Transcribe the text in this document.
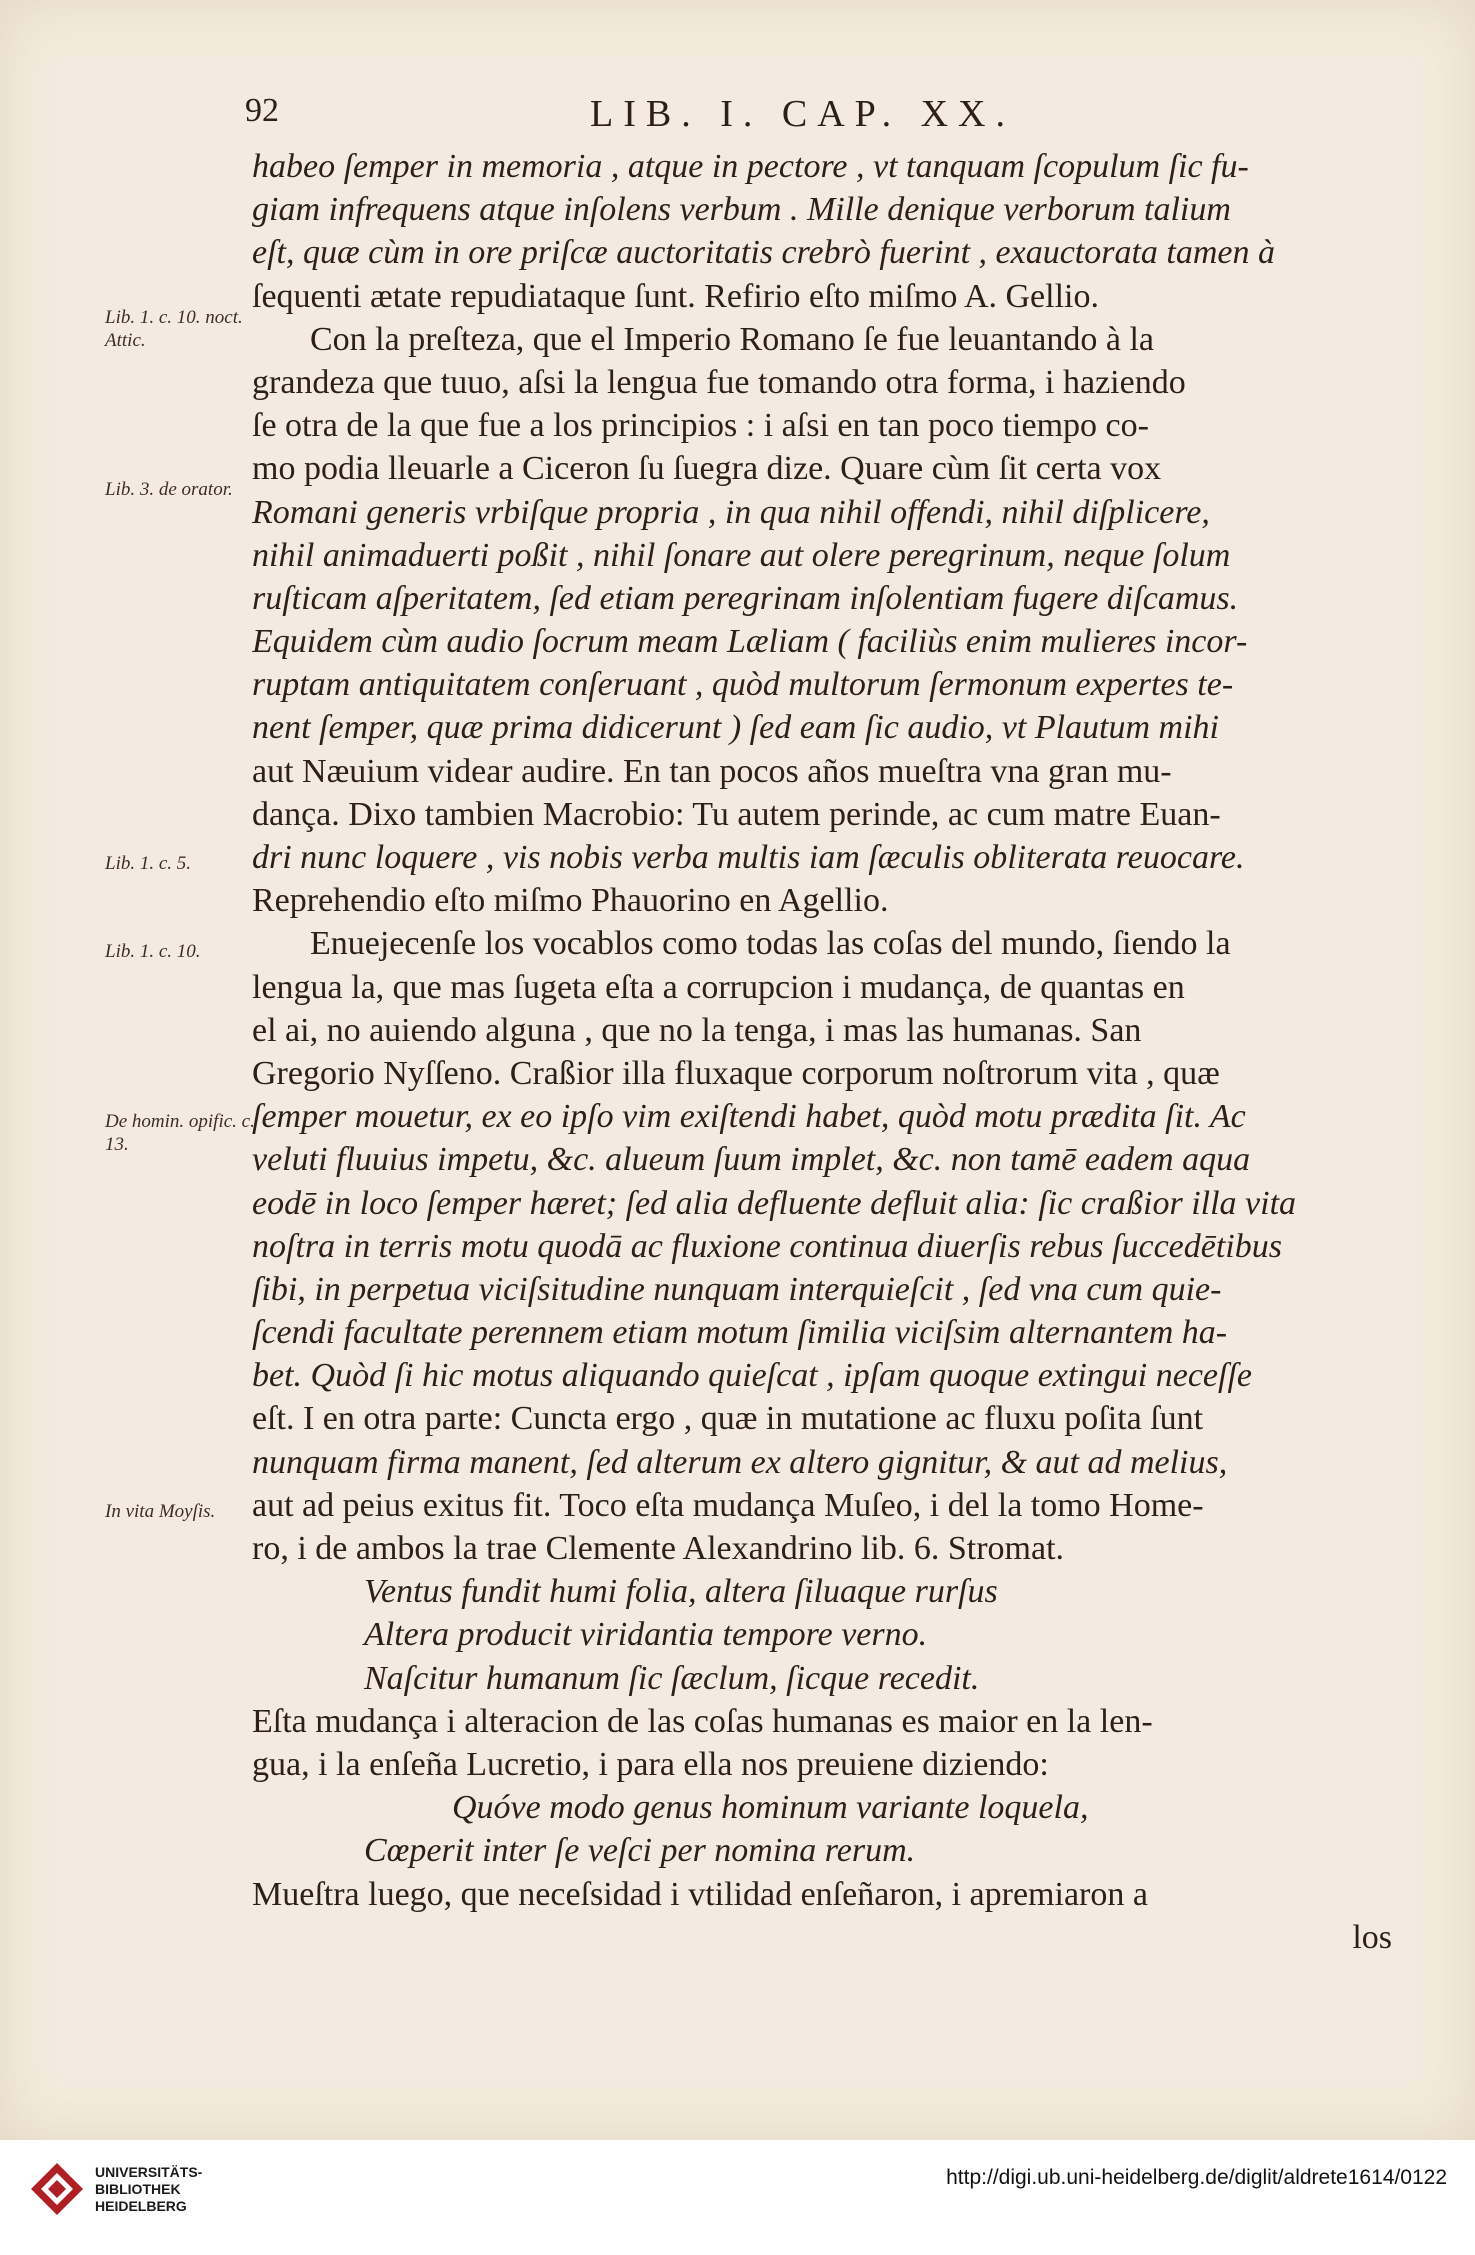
92	LIB. I. CAP. XX.
habeo ſemper in memoria , atque in pectore , vt tanquam ſcopulum ſic fu-
giam infrequens atque inſolens verbum . Mille denique verborum talium
eſt, quæ cùm in ore priſcæ auctoritatis crebrò fuerint , exauctorata tamen à
ſequenti ætate repudiataque ſunt. Refirio eſto miſmo A. Gellio.
Con la preſteza, que el Imperio Romano ſe fue leuantando à la
grandeza que tuuo, aſsi la lengua fue tomando otra forma, i haziendo
ſe otra de la que fue a los principios : i aſsi en tan poco tiempo co-
mo podia lleuarle a Ciceron ſu ſuegra dize. Quare cùm ſit certa vox
Romani generis vrbiſque propria , in qua nihil offendi, nihil diſplicere,
nihil animaduerti poßit , nihil ſonare aut olere peregrinum, neque ſolum
ruſticam aſperitatem, ſed etiam peregrinam inſolentiam fugere diſcamus.
Equidem cùm audio ſocrum meam Læliam ( faciliùs enim mulieres incor-
ruptam antiquitatem conſeruant , quòd multorum ſermonum expertes te-
nent ſemper, quæ prima didicerunt ) ſed eam ſic audio, vt Plautum mihi
aut Næuium videar audire. En tan pocos años mueſtra vna gran mu-
dança. Dixo tambien Macrobio: Tu autem perinde, ac cum matre Euan-
dri nunc loquere , vis nobis verba multis iam ſæculis obliterata reuocare.
Reprehendio eſto miſmo Phauorino en Agellio.
Enuejecenſe los vocablos como todas las coſas del mundo, ſiendo la
lengua la, que mas ſugeta eſta a corrupcion i mudança, de quantas en
el ai, no auiendo alguna , que no la tenga, i mas las humanas. San
Gregorio Nyſſeno. Craßior illa fluxaque corporum noſtrorum vita , quæ
ſemper mouetur, ex eo ipſo vim exiſtendi habet, quòd motu prædita ſit. Ac
veluti fluuius impetu, &c. alueum ſuum implet, &c. non tamē eadem aqua
eodē in loco ſemper hæret; ſed alia defluente defluit alia: ſic craßior illa vita
noſtra in terris motu quodā ac fluxione continua diuerſis rebus ſuccedētibus
ſibi, in perpetua viciſsitudine nunquam interquieſcit , ſed vna cum quie-
ſcendi facultate perennem etiam motum ſimilia viciſsim alternantem ha-
bet. Quòd ſi hic motus aliquando quieſcat , ipſam quoque extingui neceſſe
eſt. I en otra parte: Cuncta ergo , quæ in mutatione ac fluxu poſita ſunt
nunquam firma manent, ſed alterum ex altero gignitur, & aut ad melius,
aut ad peius exitus fit. Toco eſta mudança Muſeo, i del la tomo Home-
ro, i de ambos la trae Clemente Alexandrino lib. 6. Stromat.
Ventus fundit humi folia, altera ſiluaque rurſus
Altera producit viridantia tempore verno.
Naſcitur humanum ſic ſæclum, ſicque recedit.
Eſta mudança i alteracion de las coſas humanas es maior en la len-
gua, i la enſeña Lucretio, i para ella nos preuiene diziendo:
Quóve modo genus hominum variante loquela,
Cœperit inter ſe veſci per nomina rerum.
Mueſtra luego, que neceſsidad i vtilidad enſeñaron, i apremiaron a
los
Lib. 1. c. 10. noct. Attic.
Lib. 3. de orator.
Lib. 1. c. 5.
Lib. 1. c. 10.
De homin. opific. c. 13.
In vita Moyſis.
UNIVERSITÄTS-
BIBLIOTHEK
HEIDELBERG
http://digi.ub.uni-heidelberg.de/diglit/aldrete1614/0122
